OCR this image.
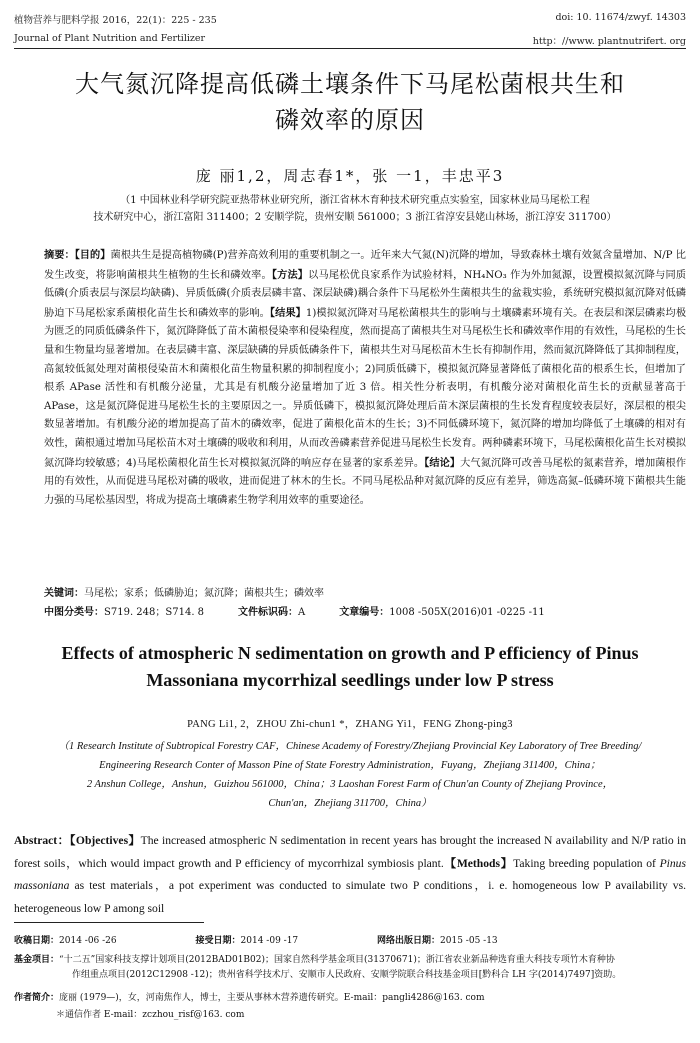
植物营养与肥料学报 2016，22(1)：225 - 235	doi: 10. 11674/zwyf. 14303
Journal of Plant Nutrition and Fertilizer	http：//www. plantnutrifert. org
大气氮沉降提高低磷土壤条件下马尾松菌根共生和
磷效率的原因
庞 丽1,2，周志春1*，张 一1，丰忠平3
（1 中国林业科学研究院亚热带林业研究所，浙江省林木育种技术研究重点实验室，国家林业局马尾松工程
技术研究中心，浙江富阳 311400；2 安顺学院，贵州安顺 561000；3 浙江省淳安县姥山林场，浙江淳安 311700）
摘要：【目的】菌根共生是提高植物磷(P)营养高效利用的重要机制之一。近年来大气氮(N)沉降的增加，导致森林土壤有效氮含量增加、N/P 比发生改变，将影响菌根共生植物的生长和磷效率。【方法】以马尾松优良家系作为试验材料，NH₄NO₃ 作为外加氮源，设置模拟氮沉降与同质低磷(介质表层与深层均缺磷)、异质低磷(介质表层磷丰富、深层缺磷)耦合条件下马尾松外生菌根共生的盆栽实验，系统研究模拟氮沉降对低磷胁迫下马尾松家系菌根化苗生长和磷效率的影响。【结果】1)模拟氮沉降对马尾松菌根共生的影响与土壤磷素环境有关。在表层和深层磷素均极为匮乏的同质低磷条件下，氮沉降降低了苗木菌根侵染率和侵染程度，然而提高了菌根共生对马尾松生长和磷效率作用的有效性，马尾松的生长量和生物量均显著增加。在表层磷丰富、深层缺磷的异质低磷条件下，菌根共生对马尾松苗木生长有抑制作用，然而氮沉降降低了其抑制程度，高氮较低氮处理对菌根侵染苗木和菌根化苗生物量积累的抑制程度小；2)同质低磷下，模拟氮沉降显著降低了菌根化苗的根系生长，但增加了根系 APase 活性和有机酸分泌量，尤其是有机酸分泌量增加了近 3 倍。相关性分析表明，有机酸分泌对菌根化苗生长的贡献显著高于 APase，这是氮沉降促进马尾松生长的主要原因之一。异质低磷下，模拟氮沉降处理后苗木深层菌根的生长发育程度较表层好，深层根的根尖数显著增加。有机酸分泌的增加提高了苗木的磷效率，促进了菌根化苗木的生长；3)不同低磷环境下，氮沉降的增加均降低了土壤磷的相对有效性，菌根通过增加马尾松苗木对土壤磷的吸收和利用，从而改善磷素营养促进马尾松生长发育。两种磷素环境下，马尾松菌根化苗生长对模拟氮沉降均较敏感；4)马尾松菌根化苗生长对模拟氮沉降的响应存在显著的家系差异。【结论】大气氮沉降可改善马尾松的氮素营养，增加菌根作用的有效性，从而促进马尾松对磷的吸收，进而促进了林木的生长。不同马尾松品种对氮沉降的反应有差异，筛选高氮–低磷环境下菌根共生能力强的马尾松基因型，将成为提高土壤磷素生物学利用效率的重要途径。
关键词：马尾松；家系；低磷胁迫；氮沉降；菌根共生；磷效率
中图分类号：S719. 248；S714. 8	文件标识码：A	文章编号：1008 -505X(2016)01 -0225 -11
Effects of atmospheric N sedimentation on growth and P efficiency of Pinus
Massoniana mycorrhizal seedlings under low P stress
PANG Li1, 2，ZHOU Zhi-chun1 *，ZHANG Yi1，FENG Zhong-ping3
（1 Research Institute of Subtropical Forestry CAF，Chinese Academy of Forestry/Zhejiang Provincial Key Laboratory of Tree Breeding/
Engineering Research Conter of Masson Pine of State Forestry Administration，Fuyang，Zhejiang 311400，China；
2 Anshun College，Anshun，Guizhou 561000，China；3 Laoshan Forest Farm of Chun'an County of Zhejiang Province，
Chun'an，Zhejiang 311700，China）
Abstract：【Objectives】The increased atmospheric N sedimentation in recent years has brought the increased N availability and N/P ratio in forest soils，which would impact growth and P efficiency of mycorrhizal symbiosis plant.【Methods】Taking breeding population of Pinus massoniana as test materials，a pot experiment was conducted to simulate two P conditions，i. e. homogeneous low P availability vs. heterogeneous low P among soil
收稿日期：2014 -06 -26	接受日期：2014 -09 -17	网络出版日期：2015 -05 -13
基金项目：“十二五”国家科技支撑计划项目(2012BAD01B02)；国家自然科学基金项目(31370671)；浙江省农业新品种选育重大科技专项竹木育种协
作组重点项目(2012C12908 -12)；贵州省科学技术厅、安顺市人民政府、安顺学院联合科技基金项目[黔科合 LH 字(2014)7497]资助。
作者简介：庞丽 (1979—)，女，河南焦作人，博士，主要从事林木营养遗传研究。E-mail：pangli4286@163. com
＊通信作者 E-mail：zczhou_risf@163. com
